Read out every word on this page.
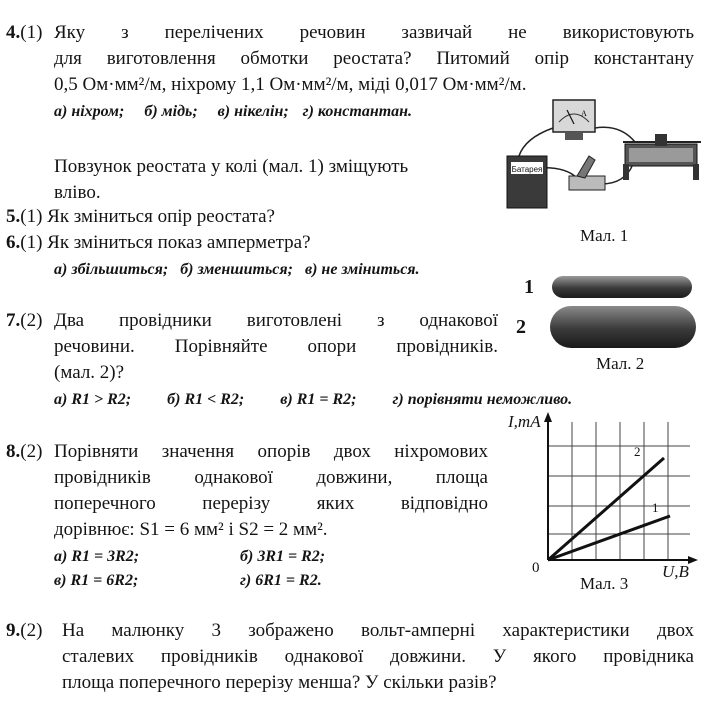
4.(1) Яку з перелічених речовин зазвичай не використовують
для виготовлення обмотки реостата? Питомий опір константану
0,5 Ом·мм²/м, ніхрому 1,1 Ом·мм²/м, міді 0,017 Ом·мм²/м.
а) ніхром; б) мідь; в) нікелін; г) константан.
Повзунок реостата у колі (мал. 1) зміщують
вліво.
5.(1) Як зміниться опір реостата?
6.(1) Як зміниться показ амперметра?
а) збільшиться; б) зменшиться; в) не зміниться.
A
Батарея
Мал. 1
1
2
Мал. 2
7.(2) Два провідники виготовлені з однакової
речовини. Порівняйте опори провідників.
(мал. 2)?
а) R1 > R2; б) R1 < R2; в) R1 = R2; г) порівняти неможливо.
8.(2) Порівняти значення опорів двох ніхромових
провідників однакової довжини, площа
поперечного перерізу яких відповідно
дорівнює: S1 = 6 мм² і S2 = 2 мм².
а) R1 = 3R2;	б) 3R1 = R2;
в) R1 = 6R2;	г) 6R1 = R2.
I,mA
2
1
0	U,B
Мал. 3
9.(2) На малюнку 3 зображено вольт-амперні характеристики двох
сталевих провідників однакової довжини. У якого провідника
площа поперечного перерізу менша? У скільки разів?
